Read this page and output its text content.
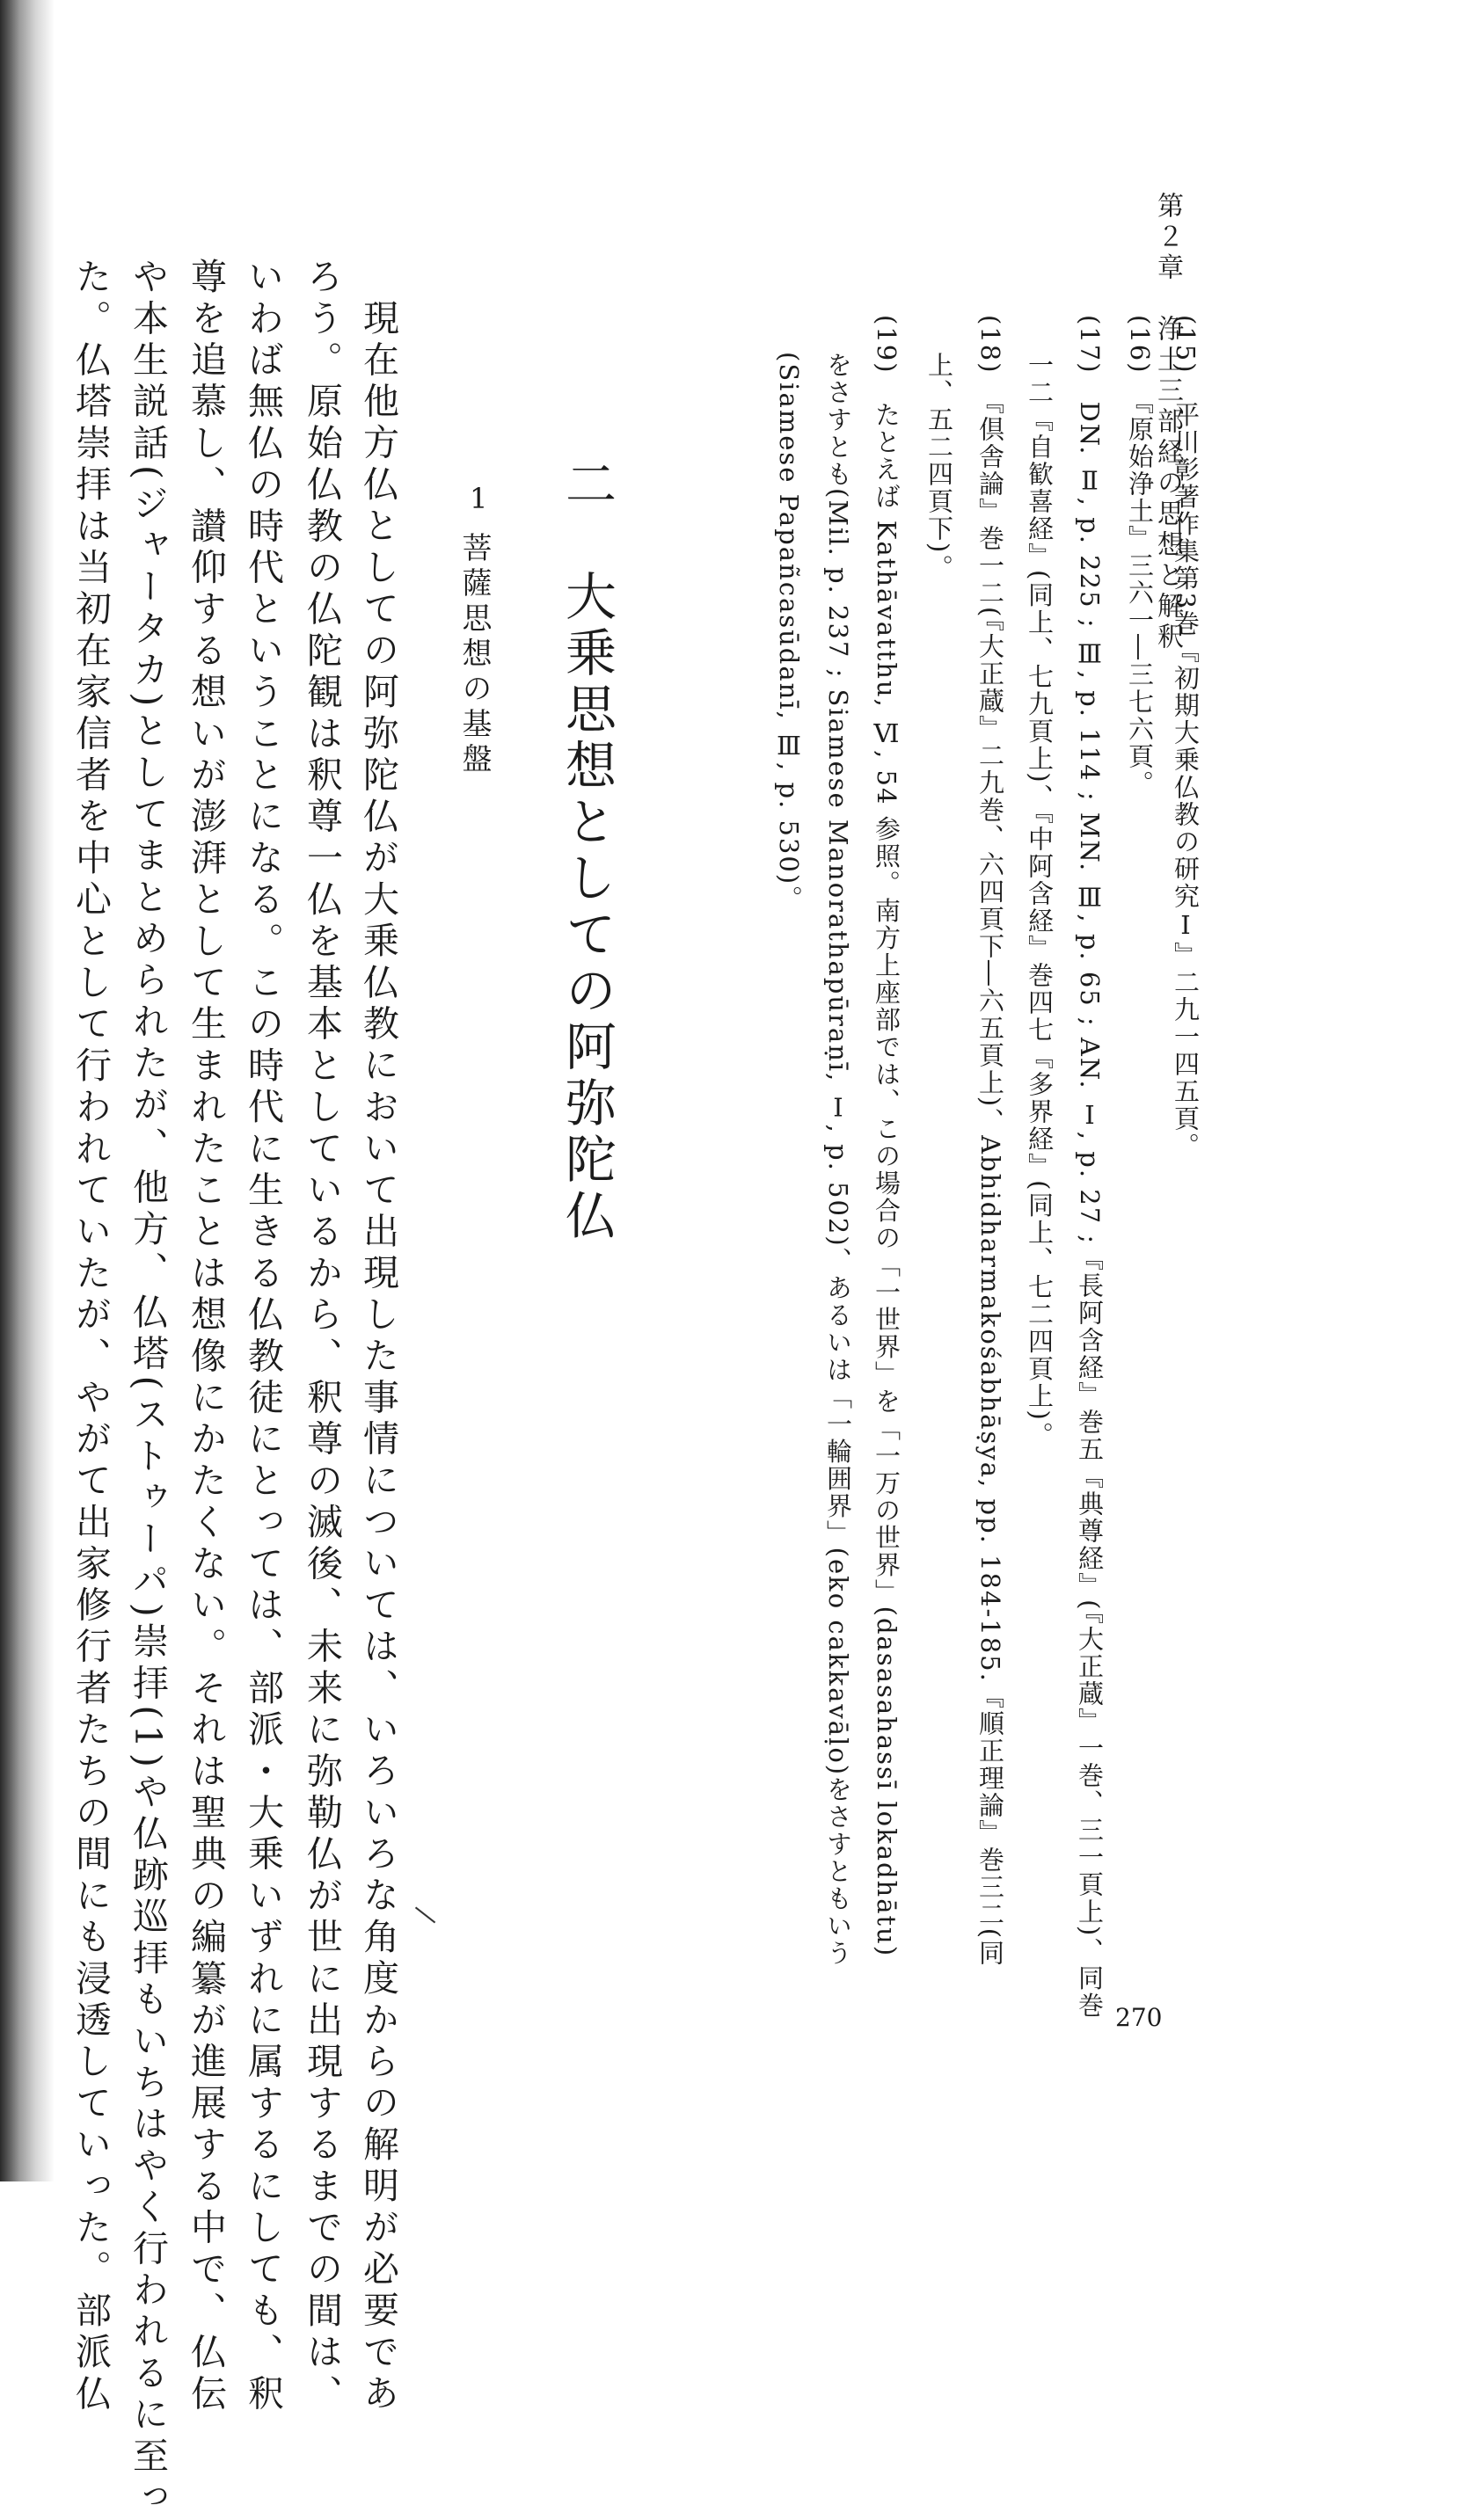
第２章　浄土三部経の思想と解釈
(15)　平川彰著作集第3巻『初期大乗仏教の研究Ⅰ』二九一四五頁。
(16)　『原始浄土』三六一―三七六頁。
(17)　DN. Ⅱ, p. 225 ; Ⅲ, p. 114 ; MN. Ⅲ, p. 65 ; AN. Ⅰ, p. 27 ;『長阿含経』巻五『典尊経』(『大正蔵』一巻、三一頁上)、同巻
一二『自歓喜経』(同上、七九頁上)、『中阿含経』巻四七『多界経』(同上、七二四頁上)。
(18)　『倶舎論』巻一二(『大正蔵』二九巻、六四頁下―六五頁上)、Abhidharmakośabhāṣya, pp. 184-185.『順正理論』巻三二(同
上、五二四頁下)。
(19)　たとえば Kathāvatthu, Ⅵ, 54 参照。南方上座部では、この場合の「一世界」を「一万の世界」(dasasahassī lokadhātu)
をさすとも(Mil. p. 237 ; Siamese Manorathapūraṇī, Ⅰ, p. 502)、あるいは「一輪囲界」(eko cakkavāḷo)をさすともいう
(Siamese Papañcasūdanī, Ⅲ, p. 530)。
二　大乗思想としての阿弥陀仏
1
菩薩思想の基盤
現在他方仏としての阿弥陀仏が大乗仏教において出現した事情については、いろいろな角度からの解明が必要であ
ろう。原始仏教の仏陀観は釈尊一仏を基本としているから、釈尊の滅後、未来に弥勒仏が世に出現するまでの間は、
いわば無仏の時代ということになる。この時代に生きる仏教徒にとっては、部派・大乗いずれに属するにしても、釈
尊を追慕し、讃仰する想いが澎湃として生まれたことは想像にかたくない。それは聖典の編纂が進展する中で、仏伝
や本生説話(ジャータカ)としてまとめられたが、他方、仏塔(ストゥーパ)崇拝(1)や仏跡巡拝もいちはやく行われるに至っ
た。仏塔崇拝は当初在家信者を中心として行われていたが、やがて出家修行者たちの間にも浸透していった。部派仏	270
